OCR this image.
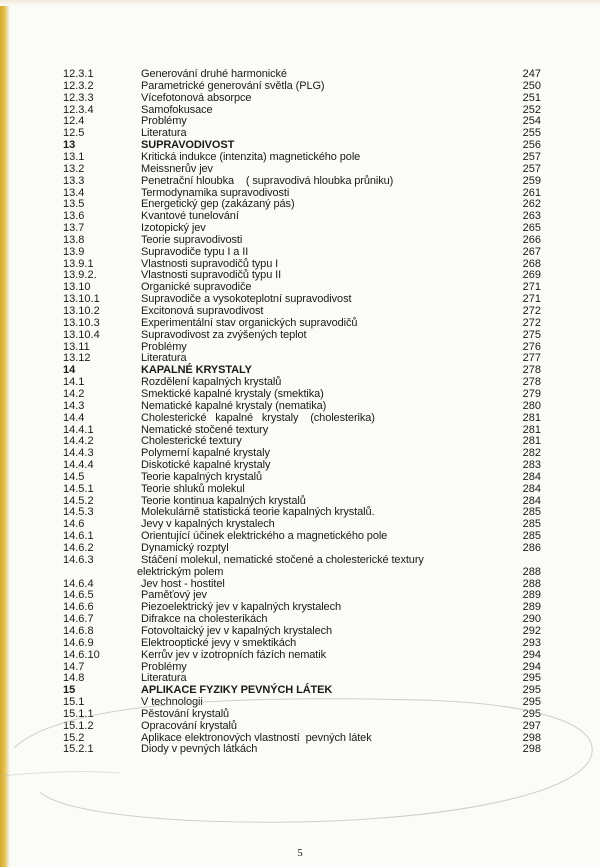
12.3.1	Generování druhé harmonické	247
12.3.2	Parametrické generování světla (PLG)	250
12.3.3	Vícefotonová absorpce	251
12.3.4	Samofokusace	252
12.4	Problémy	254
12.5	Literatura	255
13	SUPRAVODIVOST	256
13.1	Kritická indukce (intenzita) magnetického pole	257
13.2	Meissnerův jev	257
13.3	Penetrační hloubka    ( supravodivá hloubka průniku)	259
13.4	Termodynamika supravodivosti	261
13.5	Energetický gep (zakázaný pás)	262
13.6	Kvantové tunelování	263
13.7	Izotopický jev	265
13.8	Teorie supravodivosti	266
13.9	Supravodiče typu I a II	267
13.9.1	Vlastnosti supravodičů typu I	268
13.9.2.	Vlastnosti supravodičů typu II	269
13.10	Organické supravodiče	271
13.10.1	Supravodiče a vysokoteplotní supravodivost	271
13.10.2	Excitonová supravodivost	272
13.10.3	Experimentální stav organických supravodičů	272
13.10.4	Supravodivost za zvýšených teplot	275
13.11	Problémy	276
13.12	Literatura	277
14	KAPALNÉ KRYSTALY	278
14.1	Rozdělení kapalných krystalů	278
14.2	Smektické kapalné krystaly (smektika)	279
14.3	Nematické kapalné krystaly (nematika)	280
14.4	Cholesterické   kapalné   krystaly    (cholesterika)	281
14.4.1	Nematické stočené textury	281
14.4.2	Cholesterické textury	281
14.4.3	Polymerní kapalné krystaly	282
14.4.4	Diskotické kapalné krystaly	283
14.5	Teorie kapalných krystalů	284
14.5.1	Teorie shluků molekul	284
14.5.2	Teorie kontinua kapalných krystalů	284
14.5.3	Molekulárně statistická teorie kapalných krystalů.	285
14.6	Jevy v kapalných krystalech	285
14.6.1	Orientující účinek elektrického a magnetického pole	285
14.6.2	Dynamický rozptyl	286
14.6.3	Stáčení molekul, nematické stočené a cholesterické textury
elektrickým polem	288
14.6.4	Jev host - hostitel	288
14.6.5	Paměťový jev	289
14.6.6	Piezoelektrický jev v kapalných krystalech	289
14.6.7	Difrakce na cholesterikách	290
14.6.8	Fotovoltaický jev v kapalných krystalech	292
14.6.9	Elektrooptické jevy v smektikách	293
14.6.10	Kerrův jev v izotropních fázích nematik	294
14.7	Problémy	294
14.8	Literatura	295
15	APLIKACE FYZIKY PEVNÝCH LÁTEK	295
15.1	V technologii	295
15.1.1	Pěstování krystalů	295
15.1.2	Opracování krystalů	297
15.2	Aplikace elektronových vlastností  pevných látek	298
15.2.1	Diody v pevných látkách	298
5
